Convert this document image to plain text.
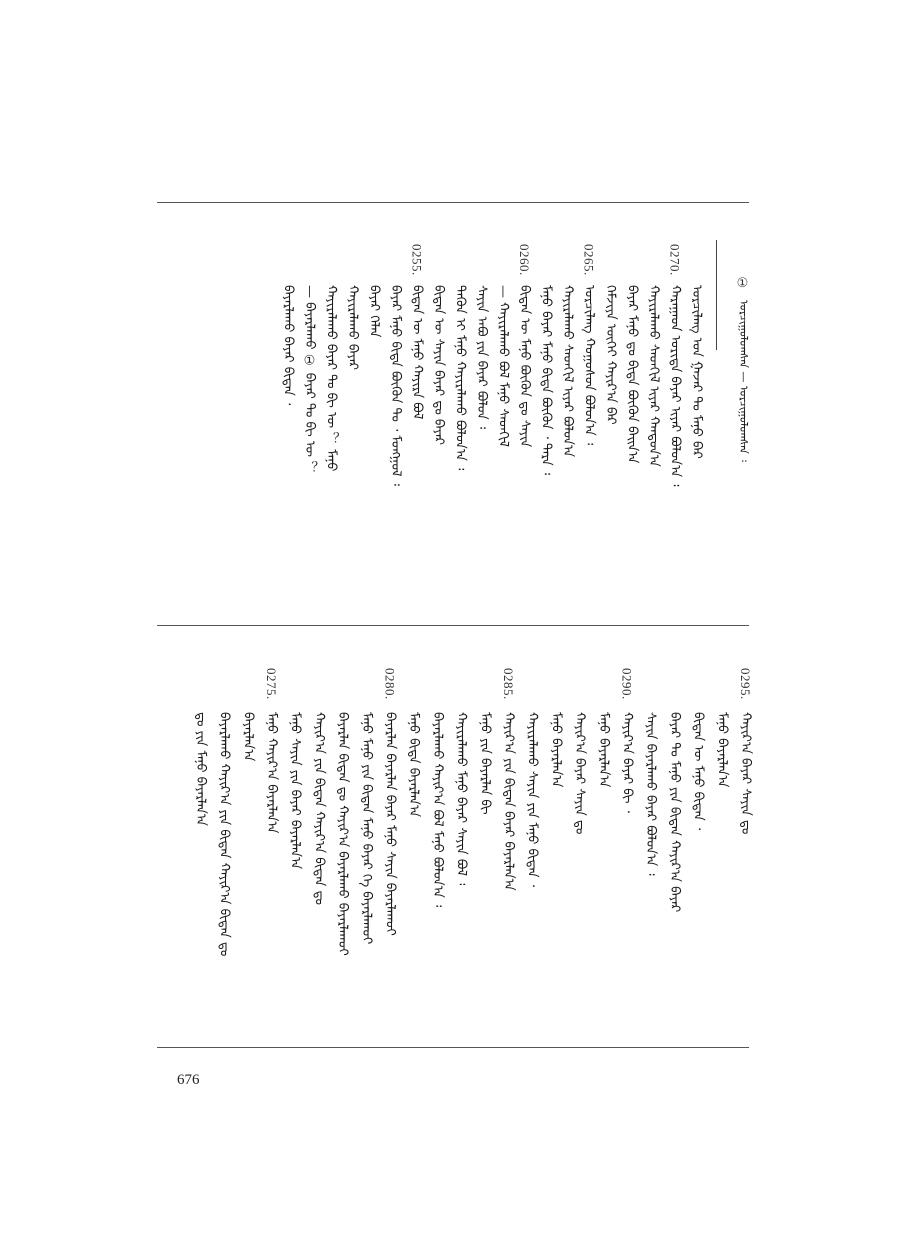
①
ᠣᠷᠴᠢᠭᠤᠯᠤᠭᠰᠠᠨ — ᠣᠷᠴᠢᠭᠤᠯᠤᠭᠰᠠᠨ ᠄
ᠣᠷᠴᠢᠯᠠᠩ ᠤᠨ ᠭᠠᠵᠠᠷ ᠲᠤ ᠮᠠᠨᠤ ᠪᠡᠷ
ᠬᠠᠷᠠᠭᠠᠳ ᠤᠷᠢᠳᠠ ᠪᠠᠶᠠᠷ ᠢᠶᠡᠷ ᠪᠤᠯᠤᠨ᠎ᠠ ᠄
0270.
ᠬᠠᠶᠢᠷᠠᠯᠠᠬᠤ ᠰᠡᠳᠬᠢᠯ ᠢᠶᠡᠷ ᠬᠠᠨᠳᠤᠨ᠎ᠠ
ᠪᠠᠶᠠᠷ ᠮᠠᠨᠤ ᠳᠤ ᠪᠢᠳᠡ ᠪᠦᠬᠦᠨ ᠪᠠᠢᠨ᠎ᠠ
ᠬᠡᠮᠵᠢᠶᠡ ᠦᠭᠡᠢ ᠬᠠᠶᠢᠷ᠎ᠠ ᠪᠡᠷ
ᠣᠷᠴᠢᠯᠠᠩ ᠬᠣᠭᠣᠰᠣᠨ ᠪᠣᠯᠤᠨ᠎ᠠ ᠄
0265.
ᠬᠠᠶᠢᠷᠠᠯᠠᠬᠤ ᠰᠡᠳᠬᠢᠯ ᠢᠶᠡᠷ ᠪᠣᠯᠤᠨ᠎ᠠ
ᠮᠠᠨᠤ ᠪᠠᠶᠠᠷ ᠮᠠᠨᠤ ᠪᠢᠳᠡ ᠪᠦᠬᠦᠨ ᠂ ᠲᠡᠷᠡ ᠄
ᠪᠢᠳᠡᠨ ᠦ ᠮᠠᠨᠤ ᠪᠦᠬᠦᠨ ᠳᠤ ᠰᠠᠶᠢᠨ
0260.
— ᠬᠠᠶᠢᠷᠠᠯᠠᠬᠤ ᠪᠣᠯ ᠮᠠᠨᠤ ᠰᠡᠳᠬᠢᠯ
ᠰᠠᠶᠢᠨ ᠠᠪᠤ ᠶᠢᠨ ᠪᠠᠶᠠᠷ ᠪᠣᠯᠤᠨ ᠄
ᠲᠡᠭᠦᠨ ᠢ ᠮᠠᠨᠤ ᠬᠠᠶᠢᠷᠠᠯᠠᠬᠤ ᠪᠣᠯᠤᠨ᠎ᠠ ᠄
ᠪᠢᠳᠡᠨ ᠦ ᠰᠠᠶᠢᠨ ᠪᠠᠶᠠᠷ ᠳᠤ ᠪᠠᠶᠠᠷ
ᠪᠢᠳᠡᠨ ᠦ ᠮᠠᠨᠤ ᠬᠠᠶᠢᠷᠠ ᠪᠣᠯ
0255.
ᠪᠠᠶᠠᠷ ᠮᠠᠨᠤ ᠪᠢᠳᠡ ᠪᠦᠬᠦᠨ ᠲᠤ ᠂ ᠮᠣᠩᠭᠤᠯ ᠄
ᠪᠠᠶᠠᠷ ᠬᠡᠯᠡᠨ
ᠬᠠᠶᠢᠷᠠᠯᠠᠬᠤ ᠪᠠᠶᠠᠷ
ᠬᠠᠶᠢᠷᠠᠯᠠᠬᠤ ᠪᠠᠶᠠᠷ ᠲᠤ ᠪᠢ ᠦ ？ ᠮᠠᠨᠤ
— ᠪᠠᠶᠠᠷᠯᠠᠬᠤ ① ᠪᠠᠶᠠᠷ ᠲᠤ ᠪᠢ ᠦ ？
ᠪᠠᠶᠠᠷᠯᠠᠬᠤ ᠪᠠᠶᠠᠷ ᠪᠢᠳᠡᠨ ᠂
ᠬᠠᠶᠢᠷ᠎ᠠ ᠪᠠᠶᠠᠷ ᠰᠠᠶᠢᠨ ᠳᠤ
0295.
ᠮᠠᠨᠤ ᠪᠠᠶᠠᠷᠯᠠᠨ᠎ᠠ
ᠪᠢᠳᠡᠨ ᠦ ᠮᠠᠨᠤ ᠪᠢᠳᠡᠨ ᠂
ᠪᠠᠶᠠᠷ ᠲᠤ ᠮᠠᠨᠤ ᠶᠢᠨ ᠪᠢᠳᠡᠨ ᠬᠠᠶᠢᠷ᠎ᠠ ᠪᠠᠶᠠᠷ
ᠰᠠᠶᠢᠨ ᠪᠠᠶᠠᠷᠯᠠᠬᠤ ᠪᠠᠶᠠᠷ ᠪᠣᠯᠤᠨ᠎ᠠ ᠄
ᠬᠠᠶᠢᠷ᠎ᠠ ᠪᠠᠶᠠᠷ ᠪᠢ ᠂
0290.
ᠮᠠᠨᠤ ᠪᠠᠶᠠᠷᠯᠠᠨ᠎ᠠ
ᠬᠠᠶᠢᠷ᠎ᠠ ᠪᠠᠶᠠᠷ ᠰᠠᠶᠢᠨ ᠳᠤ
ᠮᠠᠨᠤ ᠪᠠᠶᠠᠷᠯᠠᠨ᠎ᠠ
ᠬᠠᠶᠢᠷᠠᠯᠠᠬᠤ ᠰᠠᠶᠢᠨ ᠶᠢᠨ ᠮᠠᠨᠤ ᠪᠢᠳᠡᠨ ᠂
ᠬᠠᠶᠢᠷ᠎ᠠ ᠶᠢᠨ ᠪᠢᠳᠡᠨ ᠪᠠᠶᠠᠷ ᠪᠠᠶᠠᠷᠯᠠᠨ᠎ᠠ
0285.
ᠮᠠᠨᠤ ᠶᠢᠨ ᠪᠠᠶᠠᠷᠯᠠᠨ ᠪᠢ
ᠬᠠᠶᠢᠷᠠᠯᠠᠬᠤ ᠮᠠᠨᠤ ᠪᠠᠶᠠᠷ ᠰᠠᠶᠢᠨ ᠪᠣᠯ ᠄
ᠪᠠᠶᠠᠷᠯᠠᠬᠤ ᠬᠠᠶᠢᠷ᠎ᠠ ᠪᠣᠯ ᠮᠠᠨᠤ ᠪᠣᠯᠤᠨ᠎ᠠ ᠄
ᠮᠠᠨᠤ ᠪᠢᠳᠡ ᠪᠠᠶᠠᠷᠯᠠᠨ᠎ᠠ
ᠪᠠᠶᠠᠷᠯᠠᠨ ᠪᠠᠶᠠᠷᠯᠠᠨ ᠪᠠᠶᠠᠷ ᠮᠠᠨᠤ ᠰᠠᠶᠢᠨ ᠪᠠᠶᠠᠷᠯᠠᠬᠤᠢ
0280.
ᠮᠠᠨᠤ ᠮᠠᠨᠤ ᠶᠢᠨ ᠪᠢᠳᠡᠨ ᠮᠠᠨᠤ ᠪᠠᠶᠠᠷ ᠬᠡ ᠪᠠᠶᠠᠷᠯᠠᠬᠤᠢ
ᠪᠠᠶᠠᠷᠯᠠᠨ ᠪᠢᠳᠡᠨ ᠳᠤ ᠬᠠᠶᠢᠷ᠎ᠠ ᠪᠠᠶᠠᠷᠯᠠᠬᠤ ᠪᠠᠶᠠᠷᠯᠠᠬᠤᠢ
ᠬᠠᠶᠢᠷ᠎ᠠ ᠶᠢᠨ ᠪᠢᠳᠡᠨ ᠬᠠᠶᠢᠷ᠎ᠠ ᠪᠢᠳᠡᠨ ᠳᠤ
ᠮᠠᠨᠤ ᠰᠠᠶᠢᠨ ᠶᠢᠨ ᠪᠠᠶᠠᠷ ᠪᠠᠶᠠᠷᠯᠠᠨ᠎ᠠ
ᠮᠠᠨᠤ ᠬᠠᠶᠢᠷ᠎ᠠ ᠪᠠᠶᠠᠷᠯᠠᠨ᠎ᠠ
0275.
ᠪᠠᠶᠠᠷᠯᠠᠨ᠎ᠠ
ᠪᠠᠶᠠᠷᠯᠠᠬᠤ ᠬᠠᠶᠢᠷ᠎ᠠ ᠶᠢᠨ ᠪᠢᠳᠡᠨ ᠬᠠᠶᠢᠷ᠎ᠠ ᠪᠢᠳᠡᠨ ᠳᠤ
ᠳᠤ ᠶᠢᠨ ᠮᠠᠨᠤ ᠪᠠᠶᠠᠷᠯᠠᠨ᠎ᠠ
676
